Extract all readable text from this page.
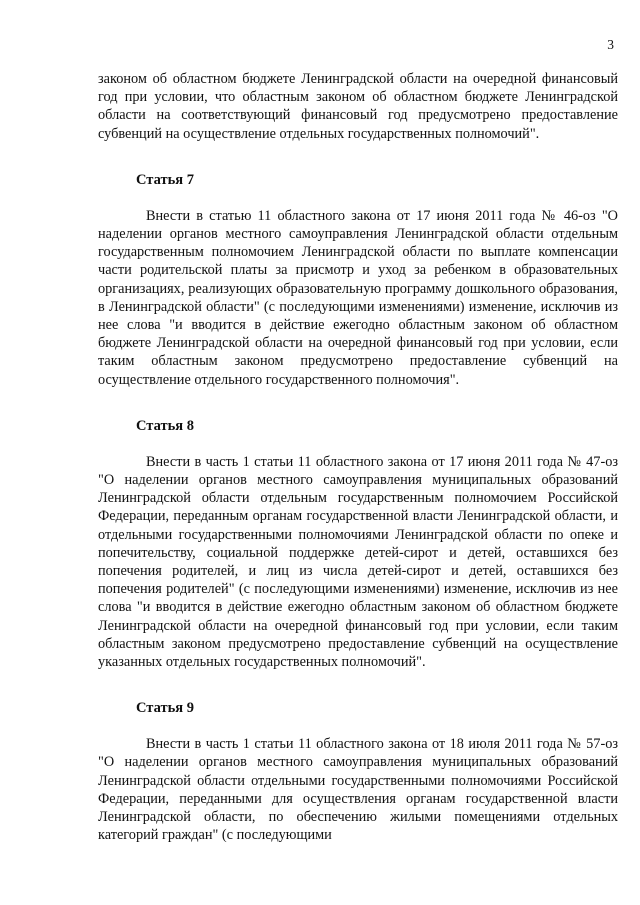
3

законом об областном бюджете Ленинградской области на очередной финансовый год при условии, что областным законом об областном бюджете Ленинградской области на соответствующий финансовый год предусмотрено предоставление субвенций на осуществление отдельных государственных полномочий".

Статья 7

Внести в статью 11 областного закона от 17 июня 2011 года № 46-оз "О наделении органов местного самоуправления Ленинградской области отдельным государственным полномочием Ленинградской области по выплате компенсации части родительской платы за присмотр и уход за ребенком в образовательных организациях, реализующих образовательную программу дошкольного образования, в Ленинградской области" (с последующими изменениями) изменение, исключив из нее слова "и вводится в действие ежегодно областным законом об областном бюджете Ленинградской области на очередной финансовый год при условии, если таким областным законом предусмотрено предоставление субвенций на осуществление отдельного государственного полномочия".

Статья 8

Внести в часть 1 статьи 11 областного закона от 17 июня 2011 года № 47-оз "О наделении органов местного самоуправления муниципальных образований Ленинградской области отдельным государственным полномочием Российской Федерации, переданным органам государственной власти Ленинградской области, и отдельными государственными полномочиями Ленинградской области по опеке и попечительству, социальной поддержке детей-сирот и детей, оставшихся без попечения родителей, и лиц из числа детей-сирот и детей, оставшихся без попечения родителей" (с последующими изменениями) изменение, исключив из нее слова "и вводится в действие ежегодно областным законом об областном бюджете Ленинградской области на очередной финансовый год при условии, если таким областным законом предусмотрено предоставление субвенций на осуществление указанных отдельных государственных полномочий".

Статья 9

Внести в часть 1 статьи 11 областного закона от 18 июля 2011 года № 57-оз "О наделении органов местного самоуправления муниципальных образований Ленинградской области отдельными государственными полномочиями Российской Федерации, переданными для осуществления органам государственной власти Ленинградской области, по обеспечению жилыми помещениями отдельных категорий граждан" (с последующими
